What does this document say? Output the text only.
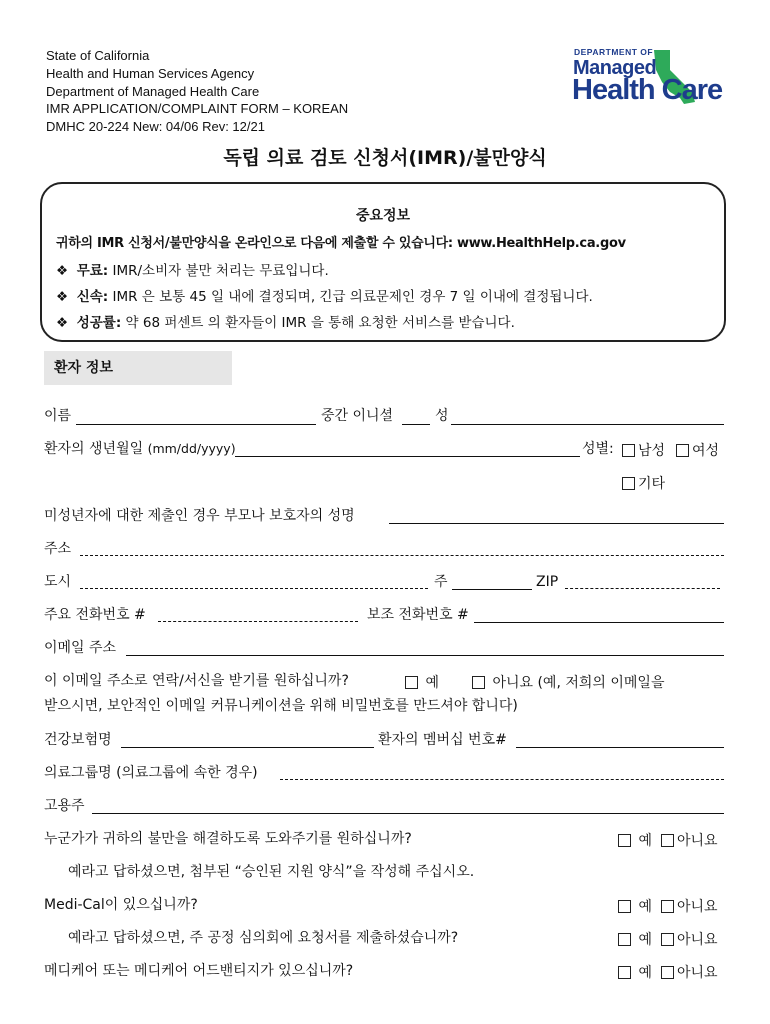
State of California
Health and Human Services Agency
Department of Managed Health Care
IMR APPLICATION/COMPLAINT FORM – KOREAN
DMHC 20-224 New: 04/06 Rev: 12/21
DEPARTMENT OF
Managed
Health Care
독립 의료 검토 신청서(IMR)/불만양식
중요정보
귀하의 IMR 신청서/불만양식을 온라인으로 다음에 제출할 수 있습니다: www.HealthHelp.ca.gov
❖ 무료: IMR/소비자 불만 처리는 무료입니다.
❖ 신속: IMR 은 보통 45 일 내에 결정되며, 긴급 의료문제인 경우 7 일 이내에 결정됩니다.
❖ 성공률: 약 68 퍼센트 의 환자들이 IMR 을 통해 요청한 서비스를 받습니다.
환자 정보
이름	중간 이니셜	성
환자의 생년월일 (mm/dd/yyyy)	성별:	남성	여성
기타
미성년자에 대한 제출인 경우 부모나 보호자의 성명
주소
도시	주	ZIP
주요 전화번호 #	보조 전화번호 #
이메일 주소
이 이메일 주소로 연락/서신을 받기를 원하십니까?	예	아니요 (예, 저희의 이메일을
받으시면, 보안적인 이메일 커뮤니케이션을 위해 비밀번호를 만드셔야 합니다)
건강보험명	환자의 멤버십 번호#
의료그룹명 (의료그룹에 속한 경우)
고용주
누군가가 귀하의 불만을 해결하도록 도와주기를 원하십니까?	예	아니요
예라고 답하셨으면, 첨부된 “승인된 지원 양식”을 작성해 주십시오.
Medi-Cal이 있으십니까?	예	아니요
예라고 답하셨으면, 주 공정 심의회에 요청서를 제출하셨습니까?	예	아니요
메디케어 또는 메디케어 어드밴티지가 있으십니까?	예	아니요
